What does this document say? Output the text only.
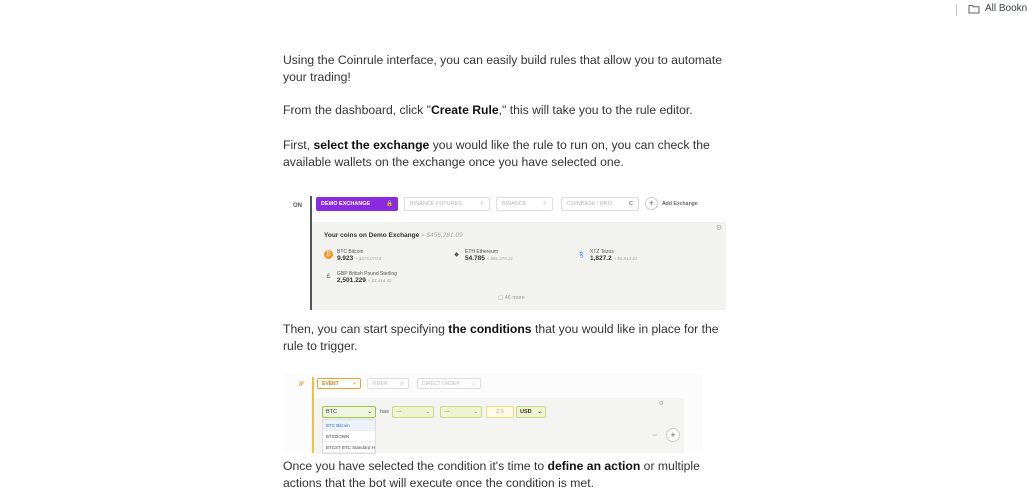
All Bookn

Using the Coinrule interface, you can easily build rules that allow you to automate your trading!

From the dashboard, click "Create Rule," this will take you to the rule editor.

First, select the exchange you would like the rule to run on, you can check the available wallets on the exchange once you have selected one.

Then, you can start specifying the conditions that you would like in place for the rule to trigger.

Once you have selected the condition it's time to define an action or multiple actions that the bot will execute once the condition is met.

ON	DEMO EXCHANGE	🔒	BINANCE FUTURES	⇳	BINANCE	⇳	COINBASE / PRO	C	+	Add Exchange
⚙
Your coins on Demo Exchange ≈ $456,281.09
₿	BTC Bitcoin
9.923 ≈ $576,070.4
◆	ETH Ethereum
54.785 ≈ $66,379.21
ꜩ	XTZ Tezos
1,827.2 ≈ $6,813.41
£	GBP British Pound Sterling
2,501.229 ≈ $3,414.42
▢ 46 more
IF	EVENT	⚡	TIMER ◷	DIRECT ORDER ⊥
⚙
BTC	⌄ has ---	⌄	---	⌄	2.5	USD ⌄
BTC Bitcoin
BTCDOWN
BTCST BTC Standard H
−	+
